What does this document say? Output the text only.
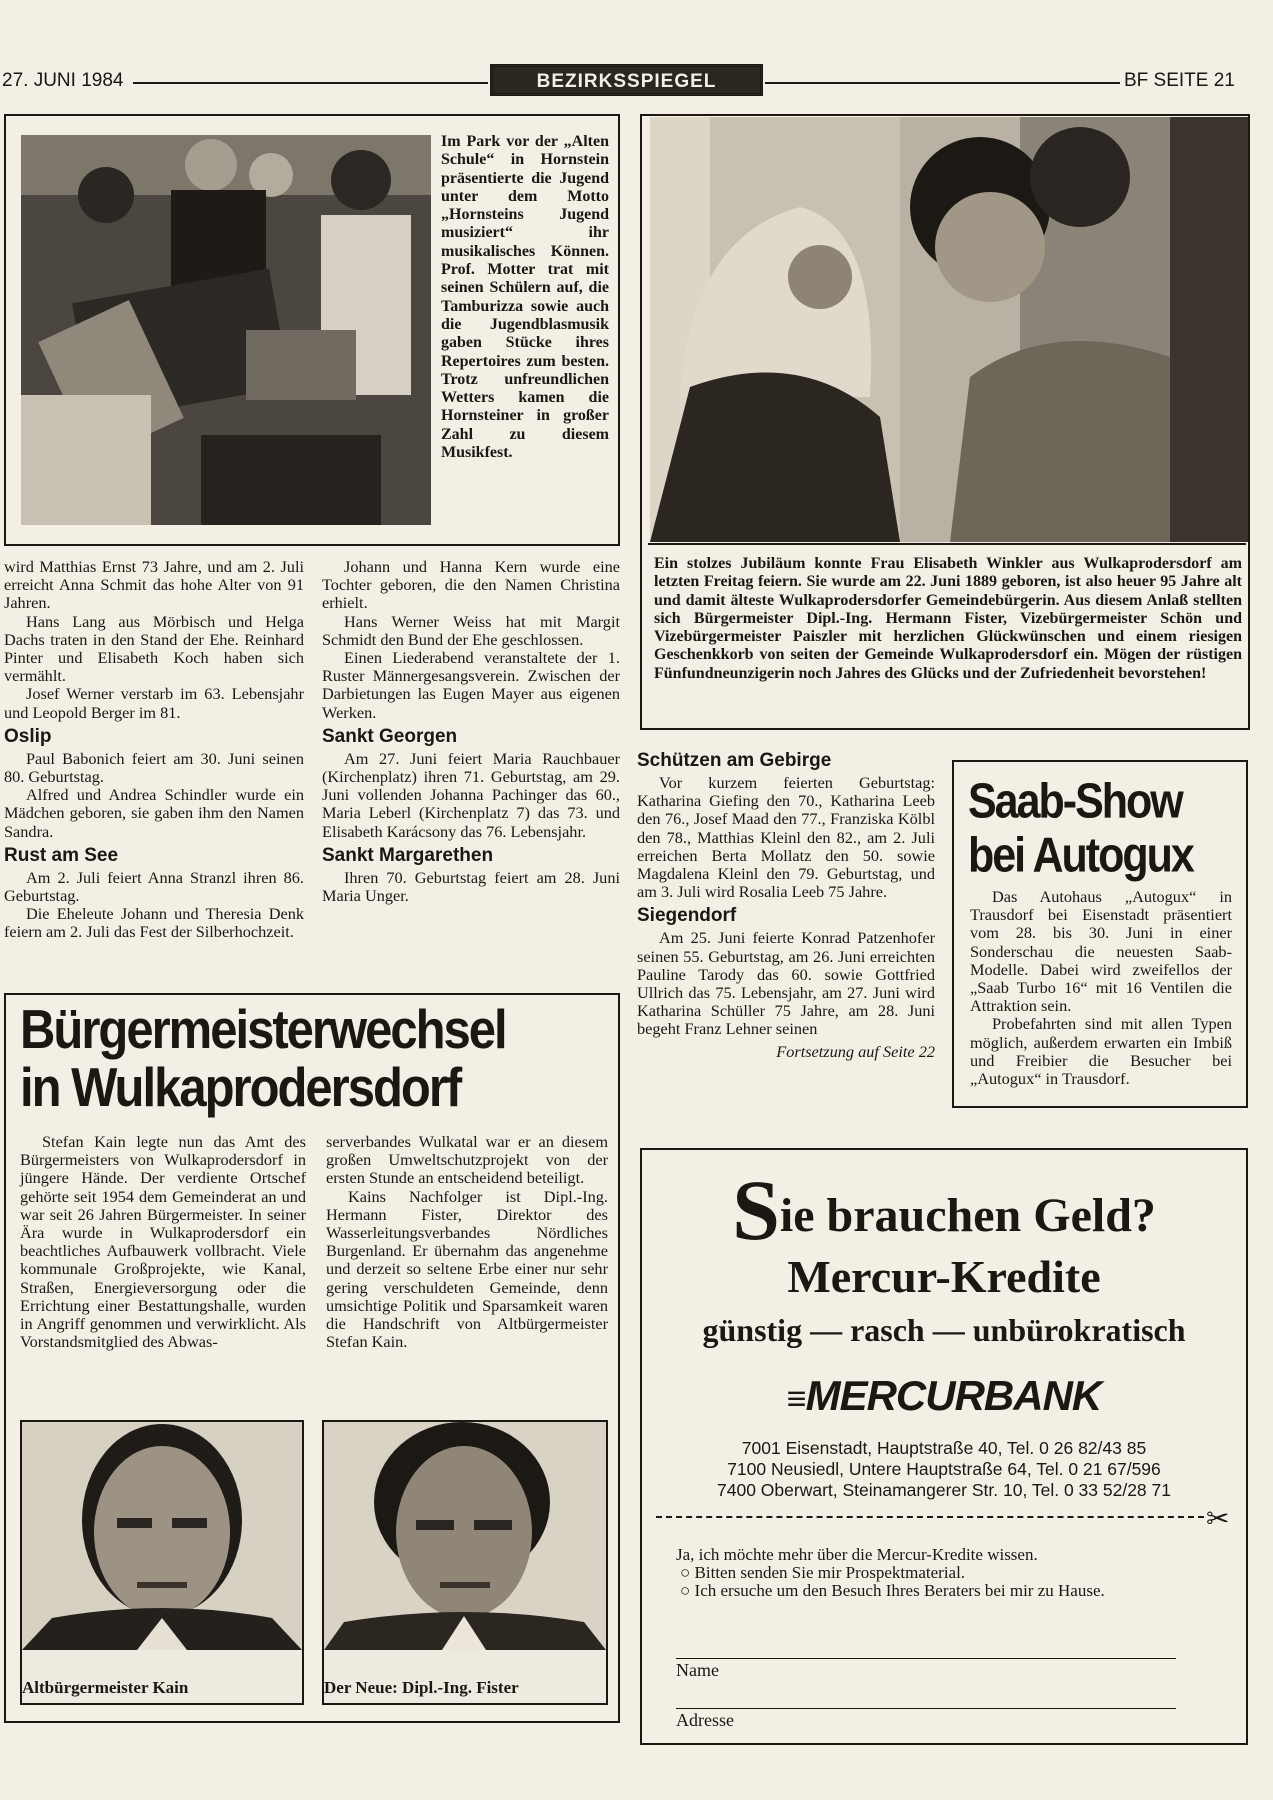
27. JUNI 1984	BEZIRKSSPIEGEL	BF SEITE 21
Im Park vor der „Alten Schule“ in Hornstein präsentierte die Jugend unter dem Motto „Hornsteins Jugend musiziert“ ihr musikalisches Können. Prof. Motter trat mit seinen Schülern auf, die Tamburizza sowie auch die Jugendblasmusik gaben Stücke ihres Repertoires zum besten. Trotz unfreundlichen Wetters kamen die Hornsteiner in großer Zahl zu diesem Musikfest.
Ein stolzes Jubiläum konnte Frau Elisabeth Winkler aus Wulkaprodersdorf am letzten Freitag feiern. Sie wurde am 22. Juni 1889 geboren, ist also heuer 95 Jahre alt und damit älteste Wulkaprodersdorfer Gemeindebürgerin. Aus diesem Anlaß stellten sich Bürgermeister Dipl.-Ing. Hermann Fister, Vizebürgermeister Schön und Vizebürgermeister Paiszler mit herzlichen Glückwünschen und einem riesigen Geschenkkorb von seiten der Gemeinde Wulkaprodersdorf ein. Mögen der rüstigen Fünfundneunzigerin noch Jahres des Glücks und der Zufriedenheit bevorstehen!

wird Matthias Ernst 73 Jahre, und am 2. Juli erreicht Anna Schmit das hohe Alter von 91 Jahren.

Hans Lang aus Mörbisch und Helga Dachs traten in den Stand der Ehe. Reinhard Pinter und Elisabeth Koch haben sich vermählt.

Josef Werner verstarb im 63. Lebensjahr und Leopold Berger im 81.

Oslip

Paul Babonich feiert am 30. Juni seinen 80. Geburtstag.

Alfred und Andrea Schindler wurde ein Mädchen geboren, sie gaben ihm den Namen Sandra.

Rust am See

Am 2. Juli feiert Anna Stranzl ihren 86. Geburtstag.

Die Eheleute Johann und Theresia Denk feiern am 2. Juli das Fest der Silberhochzeit.

Johann und Hanna Kern wurde eine Tochter geboren, die den Namen Christina erhielt.

Hans Werner Weiss hat mit Margit Schmidt den Bund der Ehe geschlossen.

Einen Liederabend veranstaltete der 1. Ruster Männergesangsverein. Zwischen der Darbietungen las Eugen Mayer aus eigenen Werken.

Sankt Georgen

Am 27. Juni feiert Maria Rauchbauer (Kirchenplatz) ihren 71. Geburtstag, am 29. Juni vollenden Johanna Pachinger das 60., Maria Leberl (Kirchenplatz 7) das 73. und Elisabeth Karácsony das 76. Lebensjahr.

Sankt Margarethen

Ihren 70. Geburtstag feiert am 28. Juni Maria Unger.

Schützen am Gebirge

Vor kurzem feierten Geburtstag: Katharina Giefing den 70., Katharina Leeb den 76., Josef Maad den 77., Franziska Kölbl den 78., Matthias Kleinl den 82., am 2. Juli erreichen Berta Mollatz den 50. sowie Magdalena Kleinl den 79. Geburtstag, und am 3. Juli wird Rosalia Leeb 75 Jahre.

Siegendorf

Am 25. Juni feierte Konrad Patzenhofer seinen 55. Geburtstag, am 26. Juni erreichten Pauline Tarody das 60. sowie Gottfried Ullrich das 75. Lebensjahr, am 27. Juni wird Katharina Schüller 75 Jahre, am 28. Juni begeht Franz Lehner seinen

Fortsetzung auf Seite 22
Saab-Show
bei Autogux

Das Autohaus „Autogux“ in Trausdorf bei Eisenstadt präsentiert vom 28. bis 30. Juni in einer Sonderschau die neuesten Saab-Modelle. Dabei wird zweifellos der „Saab Turbo 16“ mit 16 Ventilen die Attraktion sein.

Probefahrten sind mit allen Typen möglich, außerdem erwarten ein Imbiß und Freibier die Besucher bei „Autogux“ in Trausdorf.

Bürgermeisterwechsel
in Wulkaprodersdorf

Stefan Kain legte nun das Amt des Bürgermeisters von Wulkaprodersdorf in jüngere Hände. Der verdiente Ortschef gehörte seit 1954 dem Gemeinderat an und war seit 26 Jahren Bürgermeister. In seiner Ära wurde in Wulkaprodersdorf ein beachtliches Aufbauwerk vollbracht. Viele kommunale Großprojekte, wie Kanal, Straßen, Energieversorgung oder die Errichtung einer Bestattungshalle, wurden in Angriff genommen und verwirklicht. Als Vorstandsmitglied des Abwas-

serverbandes Wulkatal war er an diesem großen Umweltschutzprojekt von der ersten Stunde an entscheidend beteiligt.

Kains Nachfolger ist Dipl.-Ing. Hermann Fister, Direktor des Wasserleitungsverbandes Nördliches Burgenland. Er übernahm das angenehme und derzeit so seltene Erbe einer nur sehr gering verschuldeten Gemeinde, denn umsichtige Politik und Sparsamkeit waren die Handschrift von Altbürgermeister Stefan Kain.

Altbürgermeister Kain	Der Neue: Dipl.-Ing. Fister
Sie brauchen Geld?
Mercur-Kredite
günstig — rasch — unbürokratisch
≡MERCURBANK
7001 Eisenstadt, Hauptstraße 40, Tel. 0 26 82/43 85
7100 Neusiedl, Untere Hauptstraße 64, Tel. 0 21 67/596
7400 Oberwart, Steinamangerer Str. 10, Tel. 0 33 52/28 71
✂
Ja, ich möchte mehr über die Mercur-Kredite wissen.
○ Bitten senden Sie mir Prospektmaterial.
○
Ich ersuche um den Besuch Ihres Beraters bei mir zu Hause.
Name
Adresse
